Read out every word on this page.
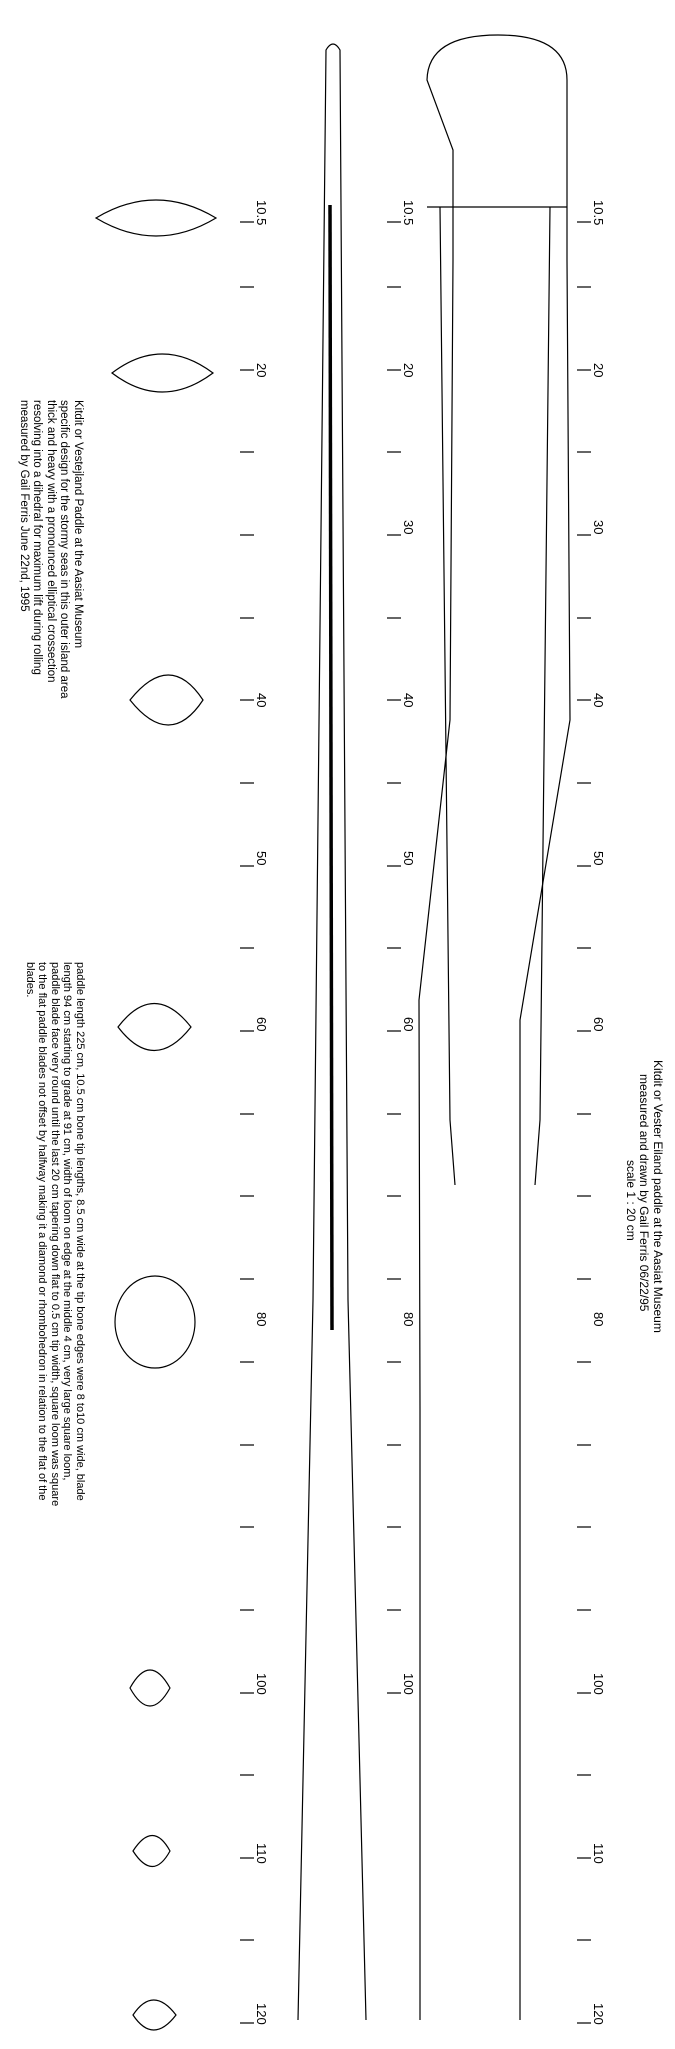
10.5
20
40
50
60
80
100
110
120
10.5
20
30
40
50
60
80
100
10.5
20
30
40
50
60
80
100
110
120
Kitdit or Vester Eiland paddle at the Aasiat Museum
measured and drawn by Gail Ferris 06/22/95
scale 1 : 20 cm
Kitdit or Vestejland Paddle at the Aasiat Museum
specific design for the stormy seas in this outer island area
thick and heavy with a pronounced elliptical crossection
resolving into a dihedral for maximum lift during rolling
measured by Gail Ferris June 22nd, 1995
paddle length 225 cm, 10.5 cm bone tip lengths, 8.5 cm wide at the tip bone edges were 8 to10 cm wide, blade
length 94 cm starting to grade at 91 cm, width of loom on edge at the middle 4 cm, very large square loom,
paddle blade face very round until the last 20 cm tapering down flat to 0.5 cm tip width, square loom was square
to the flat paddle blades not offset by halfway making it a diamond or rhombohedron in relation to the flat of the
blades.
